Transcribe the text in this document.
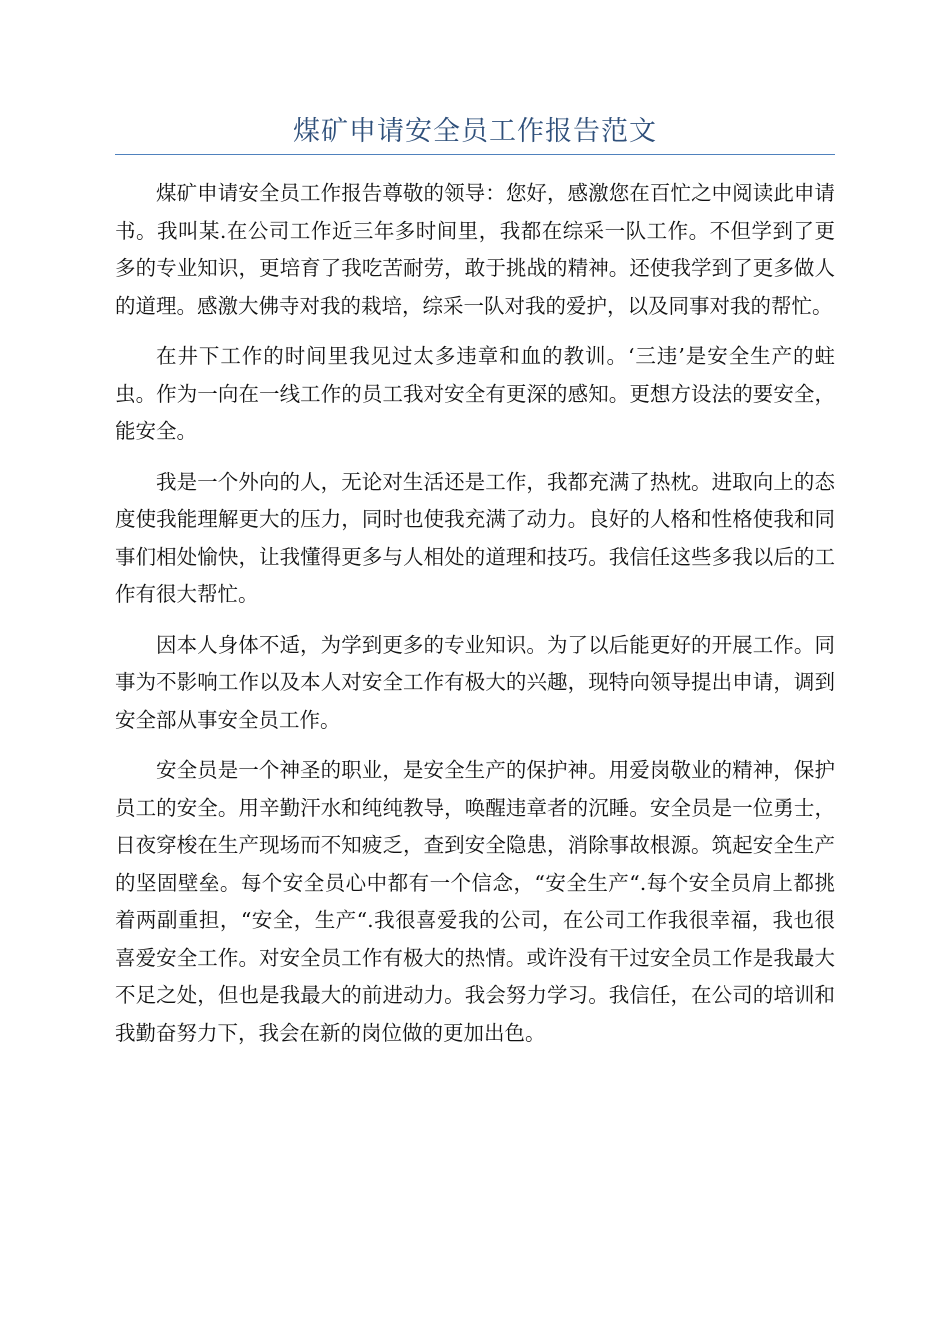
煤矿申请安全员工作报告范文

煤矿申请安全员工作报告尊敬的领导：您好，感激您在百忙之中阅读此申请书。我叫某.在公司工作近三年多时间里，我都在综采一队工作。不但学到了更多的专业知识，更培育了我吃苦耐劳，敢于挑战的精神。还使我学到了更多做人的道理。感激大佛寺对我的栽培，综采一队对我的爱护，以及同事对我的帮忙。

在井下工作的时间里我见过太多违章和血的教训。‘三违’是安全生产的蛀虫。作为一向在一线工作的员工我对安全有更深的感知。更想方设法的要安全，能安全。

我是一个外向的人，无论对生活还是工作，我都充满了热枕。进取向上的态度使我能理解更大的压力，同时也使我充满了动力。良好的人格和性格使我和同事们相处愉快，让我懂得更多与人相处的道理和技巧。我信任这些多我以后的工作有很大帮忙。

因本人身体不适，为学到更多的专业知识。为了以后能更好的开展工作。同事为不影响工作以及本人对安全工作有极大的兴趣，现特向领导提出申请，调到安全部从事安全员工作。

安全员是一个神圣的职业，是安全生产的保护神。用爱岗敬业的精神，保护员工的安全。用辛勤汗水和纯纯教导，唤醒违章者的沉睡。安全员是一位勇士，日夜穿梭在生产现场而不知疲乏，查到安全隐患，消除事故根源。筑起安全生产的坚固壁垒。每个安全员心中都有一个信念，“安全生产“.每个安全员肩上都挑着两副重担，“安全，生产“.我很喜爱我的公司，在公司工作我很幸福，我也很喜爱安全工作。对安全员工作有极大的热情。或许没有干过安全员工作是我最大不足之处，但也是我最大的前进动力。我会努力学习。我信任，在公司的培训和我勤奋努力下，我会在新的岗位做的更加出色。
